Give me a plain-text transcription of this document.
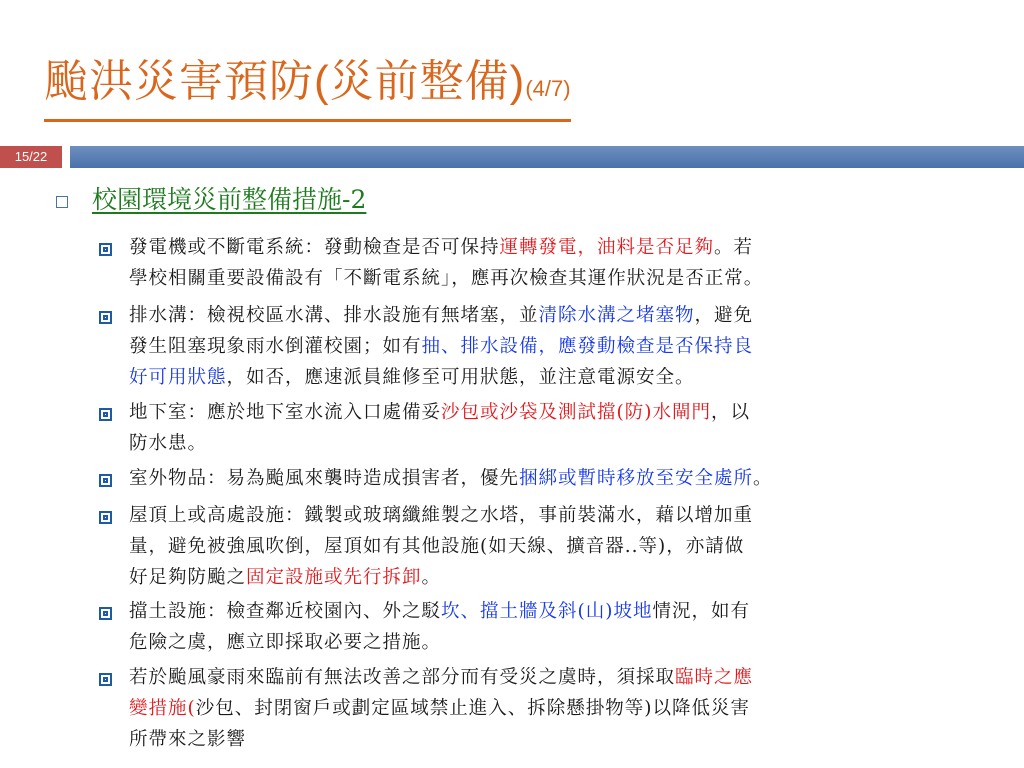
颱洪災害預防(災前整備)(4/7)
15/22
校園環境災前整備措施-2
發電機或不斷電系統：發動檢查是否可保持運轉發電，油料是否足夠。若
學校相關重要設備設有「不斷電系統」，應再次檢查其運作狀況是否正常。
排水溝：檢視校區水溝、排水設施有無堵塞，並清除水溝之堵塞物，避免
發生阻塞現象雨水倒灌校園；如有抽、排水設備，應發動檢查是否保持良
好可用狀態，如否，應速派員維修至可用狀態，並注意電源安全。
地下室：應於地下室水流入口處備妥沙包或沙袋及測試擋(防)水閘門，以
防水患。
室外物品：易為颱風來襲時造成損害者，優先捆綁或暫時移放至安全處所。
屋頂上或高處設施：鐵製或玻璃纖維製之水塔，事前裝滿水，藉以增加重
量，避免被強風吹倒，屋頂如有其他設施(如天線、擴音器..等)，亦請做
好足夠防颱之固定設施或先行拆卸。
擋土設施：檢查鄰近校園內、外之駁坎、擋土牆及斜(山)坡地情況，如有
危險之虞，應立即採取必要之措施。
若於颱風豪雨來臨前有無法改善之部分而有受災之虞時，須採取臨時之應
變措施(沙包、封閉窗戶或劃定區域禁止進入、拆除懸掛物等)以降低災害
所帶來之影響
